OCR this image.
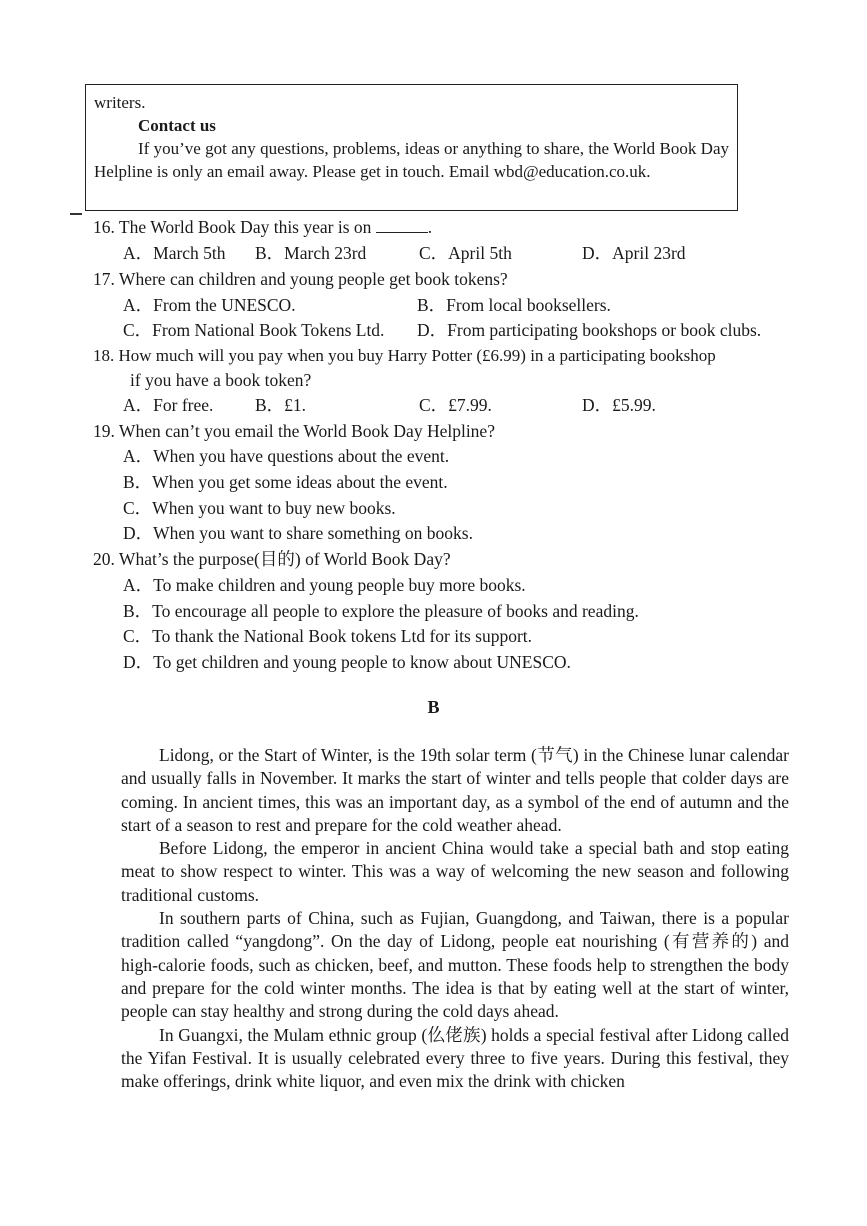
writers.
Contact us
If you’ve got any questions, problems, ideas or anything to share, the World Book Day Helpline is only an email away. Please get in touch. Email wbd@education.co.uk.
16. The World Book Day this year is on	.
A．March 5th B．March 23rd	C．April 5th	D．April 23rd
17. Where can children and young people get book tokens?
A．From the UNESCO.	B．From local booksellers.
C．From National Book Tokens Ltd. D．From participating bookshops or book clubs.
18. How much will you pay when you buy Harry Potter (£6.99) in a participating bookshop
if you have a book token?
A．For free. B．£1.	C．£7.99.	D．£5.99.
19. When can’t you email the World Book Day Helpline?
A．When you have questions about the event.
B．When you get some ideas about the event.
C．When you want to buy new books.
D．When you want to share something on books.
20. What’s the purpose(目的) of World Book Day?
A．To make children and young people buy more books.
B．To encourage all people to explore the pleasure of books and reading.
C．To thank the National Book tokens Ltd for its support.
D．To get children and young people to know about UNESCO.
B

Lidong, or the Start of Winter, is the 19th solar term (节气) in the Chinese lunar calendar and usually falls in November. It marks the start of winter and tells people that colder days are coming. In ancient times, this was an important day, as a symbol of the end of autumn and the start of a season to rest and prepare for the cold weather ahead.

Before Lidong, the emperor in ancient China would take a special bath and stop eating meat to show respect to winter. This was a way of welcoming the new season and following traditional customs.

In southern parts of China, such as Fujian, Guangdong, and Taiwan, there is a popular tradition called “yangdong”. On the day of Lidong, people eat nourishing (有营养的) and high-calorie foods, such as chicken, beef, and mutton. These foods help to strengthen the body and prepare for the cold winter months. The idea is that by eating well at the start of winter, people can stay healthy and strong during the cold days ahead.

In Guangxi, the Mulam ethnic group (仫佬族) holds a special festival after Lidong called the Yifan Festival. It is usually celebrated every three to five years. During this festival, they make offerings, drink white liquor, and even mix the drink with chicken
